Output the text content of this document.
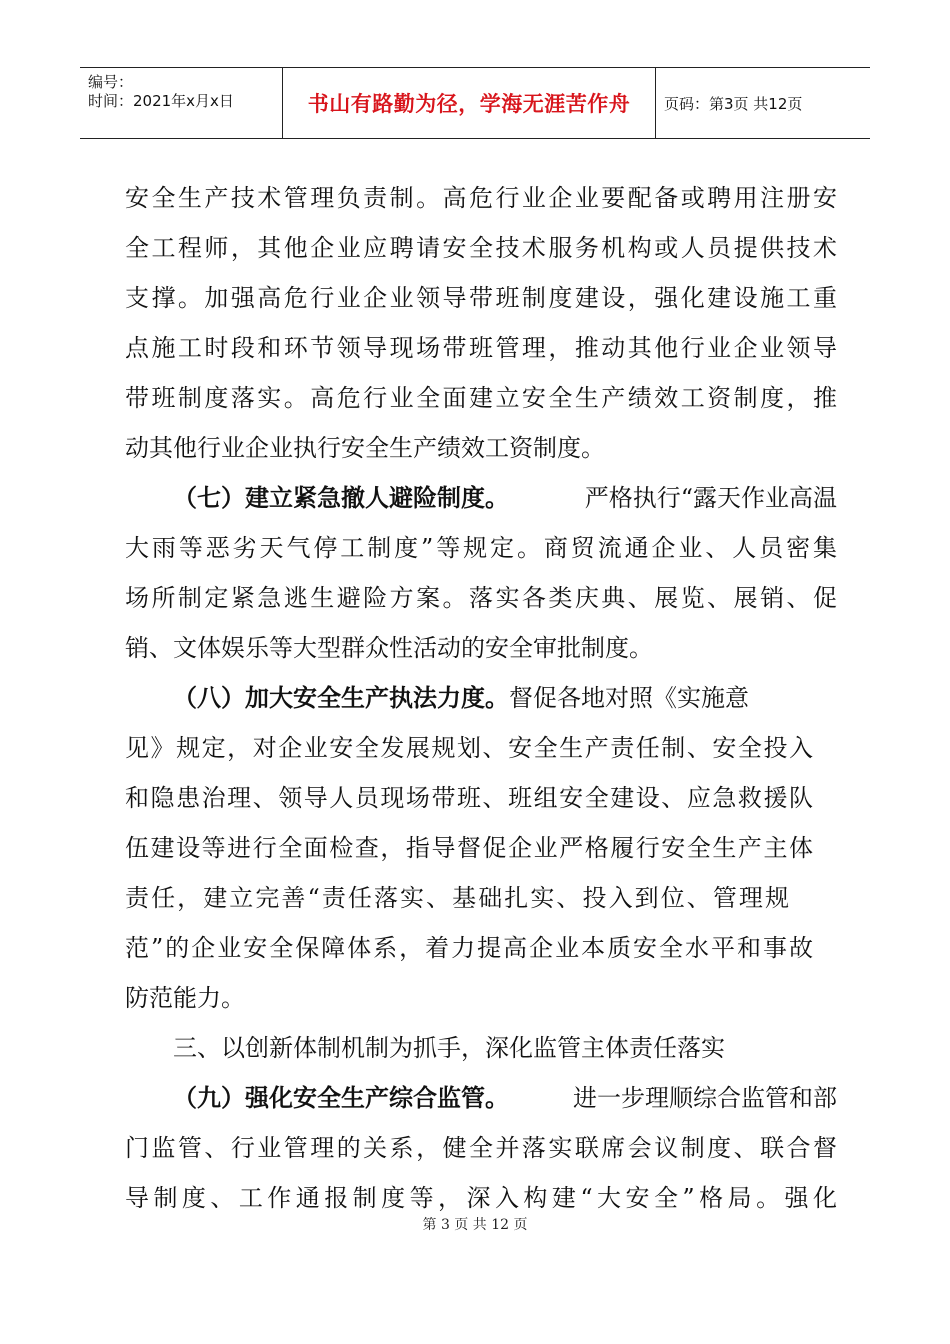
编号：
时间：2021年x月x日	书山有路勤为径，学海无涯苦作舟	页码：第3页 共12页
安全生产技术管理负责制。高危行业企业要配备或聘用注册安
全工程师，其他企业应聘请安全技术服务机构或人员提供技术
支撑。加强高危行业企业领导带班制度建设，强化建设施工重
点施工时段和环节领导现场带班管理，推动其他行业企业领导
带班制度落实。高危行业全面建立安全生产绩效工资制度，推
动其他行业企业执行安全生产绩效工资制度。
（七）建立紧急撤人避险制度。	严格执行“露天作业高温
大雨等恶劣天气停工制度”等规定。商贸流通企业、人员密集
场所制定紧急逃生避险方案。落实各类庆典、展览、展销、促
销、文体娱乐等大型群众性活动的安全审批制度。
（八）加大安全生产执法力度。督促各地对照《实施意
见》规定，对企业安全发展规划、安全生产责任制、安全投入
和隐患治理、领导人员现场带班、班组安全建设、应急救援队
伍建设等进行全面检查，指导督促企业严格履行安全生产主体
责任，建立完善“责任落实、基础扎实、投入到位、管理规
范”的企业安全保障体系，着力提高企业本质安全水平和事故
防范能力。
三、以创新体制机制为抓手，深化监管主体责任落实
（九）强化安全生产综合监管。	进一步理顺综合监管和部
门监管、行业管理的关系，健全并落实联席会议制度、联合督
导制度、工作通报制度等，深入构建“大安全”格局。强化
第 3 页 共 12 页
